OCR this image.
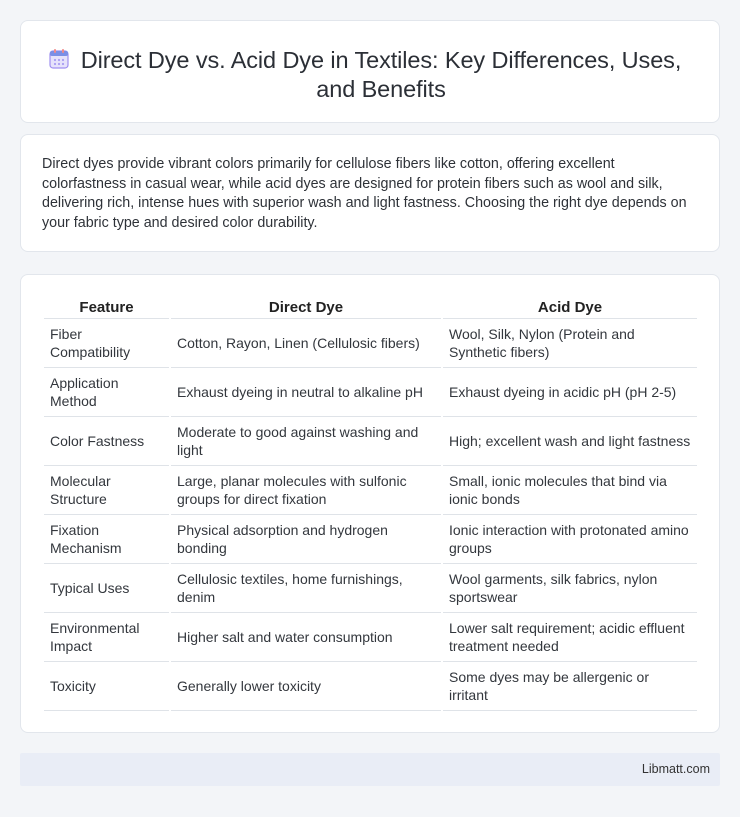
Direct Dye vs. Acid Dye in Textiles: Key Differences, Uses, and Benefits

Direct dyes provide vibrant colors primarily for cellulose fibers like cotton, offering excellent colorfastness in casual wear, while acid dyes are designed for protein fibers such as wool and silk, delivering rich, intense hues with superior wash and light fastness. Choosing the right dye depends on your fabric type and desired color durability.

Feature	Direct Dye	Acid Dye
Fiber Compatibility	Cotton, Rayon, Linen (Cellulosic fibers)	Wool, Silk, Nylon (Protein and Synthetic fibers)
Application Method	Exhaust dyeing in neutral to alkaline pH	Exhaust dyeing in acidic pH (pH 2-5)
Color Fastness	Moderate to good against washing and light	High; excellent wash and light fastness
Molecular Structure	Large, planar molecules with sulfonic groups for direct fixation	Small, ionic molecules that bind via ionic bonds
Fixation Mechanism	Physical adsorption and hydrogen bonding	Ionic interaction with protonated amino groups
Typical Uses	Cellulosic textiles, home furnishings, denim	Wool garments, silk fabrics, nylon sportswear
Environmental Impact	Higher salt and water consumption	Lower salt requirement; acidic effluent treatment needed
Toxicity	Generally lower toxicity	Some dyes may be allergenic or irritant
Libmatt.com
